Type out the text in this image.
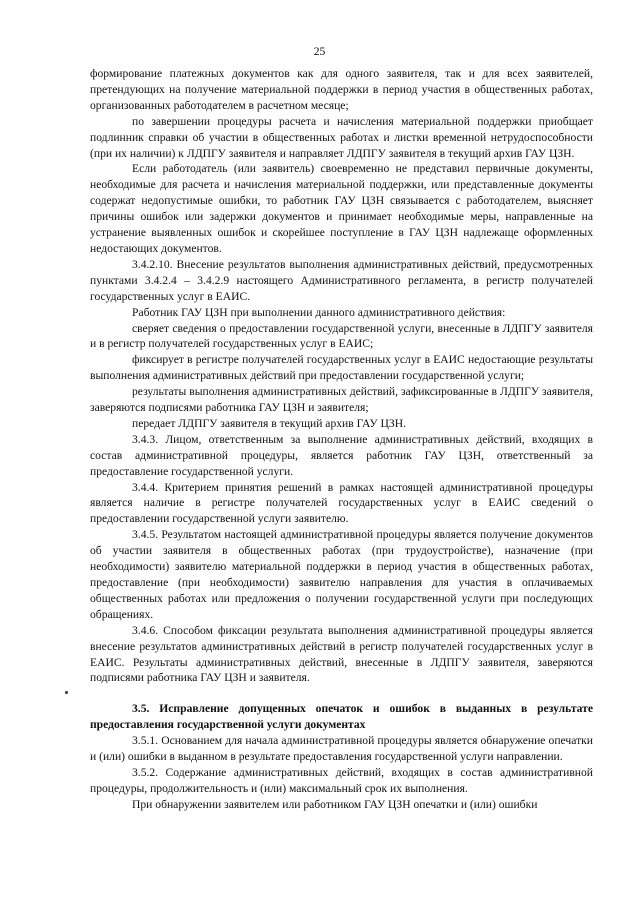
25

формирование платежных документов как для одного заявителя, так и для всех заявителей, претендующих на получение материальной поддержки в период участия в общественных работах, организованных работодателем в расчетном месяце;

по завершении процедуры расчета и начисления материальной поддержки приобщает подлинник справки об участии в общественных работах и листки временной нетрудоспособности (при их наличии) к ЛДПГУ заявителя и направляет ЛДПГУ заявителя в текущий архив ГАУ ЦЗН.

Если работодатель (или заявитель) своевременно не представил первичные документы, необходимые для расчета и начисления материальной поддержки, или представленные документы содержат недопустимые ошибки, то работник ГАУ ЦЗН связывается с работодателем, выясняет причины ошибок или задержки документов и принимает необходимые меры, направленные на устранение выявленных ошибок и скорейшее поступление в ГАУ ЦЗН надлежаще оформленных недостающих документов.

3.4.2.10. Внесение результатов выполнения административных действий, предусмотренных пунктами 3.4.2.4 – 3.4.2.9 настоящего Административного регламента, в регистр получателей государственных услуг в ЕАИС.

Работник ГАУ ЦЗН при выполнении данного административного действия:

сверяет сведения о предоставлении государственной услуги, внесенные в ЛДПГУ заявителя и в регистр получателей государственных услуг в ЕАИС;

фиксирует в регистре получателей государственных услуг в ЕАИС недостающие результаты выполнения административных действий при предоставлении государственной услуги;

результаты выполнения административных действий, зафиксированные в ЛДПГУ заявителя, заверяются подписями работника ГАУ ЦЗН и заявителя;

передает ЛДПГУ заявителя в текущий архив ГАУ ЦЗН.

3.4.3. Лицом, ответственным за выполнение административных действий, входящих в состав административной процедуры, является работник ГАУ ЦЗН, ответственный за предоставление государственной услуги.

3.4.4. Критерием принятия решений в рамках настоящей административной процедуры является наличие в регистре получателей государственных услуг в ЕАИС сведений о предоставлении государственной услуги заявителю.

3.4.5. Результатом настоящей административной процедуры является получение документов об участии заявителя в общественных работах (при трудоустройстве), назначение (при необходимости) заявителю материальной поддержки в период участия в общественных работах, предоставление (при необходимости) заявителю направления для участия в оплачиваемых общественных работах или предложения о получении государственной услуги при последующих обращениях.

3.4.6. Способом фиксации результата выполнения административной процедуры является внесение результатов административных действий в регистр получателей государственных услуг в ЕАИС. Результаты административных действий, внесенные в ЛДПГУ заявителя, заверяются подписями работника ГАУ ЦЗН и заявителя.

3.5. Исправление допущенных опечаток и ошибок в выданных в результате предоставления государственной услуги документах

3.5.1. Основанием для начала административной процедуры является обнаружение опечатки и (или) ошибки в выданном в результате предоставления государственной услуги направлении.

3.5.2. Содержание административных действий, входящих в состав административной процедуры, продолжительность и (или) максимальный срок их выполнения.

При обнаружении заявителем или работником ГАУ ЦЗН опечатки и (или) ошибки
